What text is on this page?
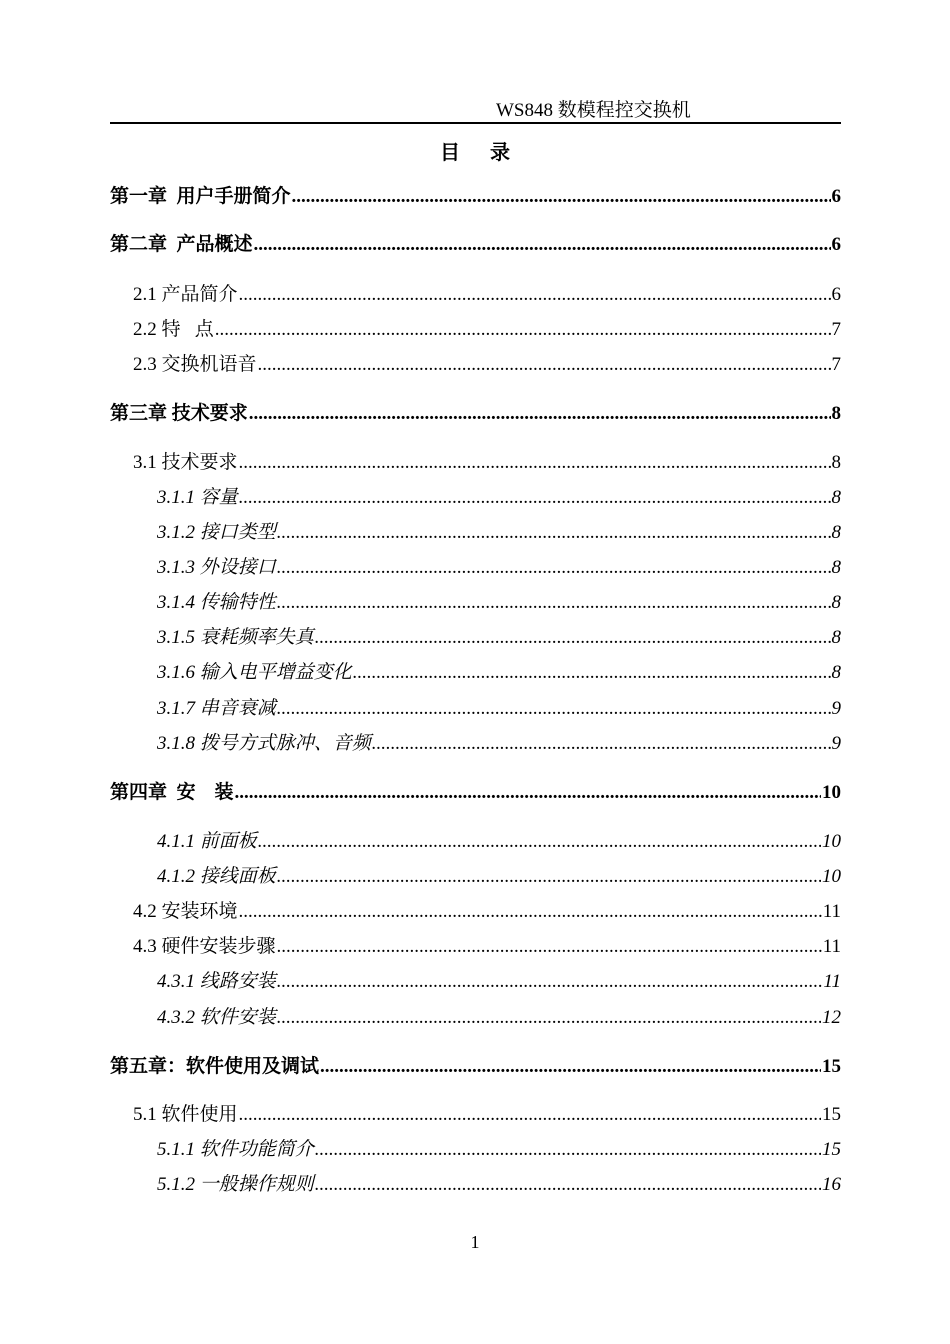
WS848 数模程控交换机
目 录
第一章  用户手册简介 .....	6
第二章  产品概述 .....	6
2.1 产品简介 .....	6
2.2 特   点 .....	7
2.3 交换机语音 .....	7
第三章 技术要求 .....	8
3.1 技术要求 .....	8
3.1.1 容量 .....	8
3.1.2 接口类型 .....	8
3.1.3 外设接口 .....	8
3.1.4 传输特性 .....	8
3.1.5 衰耗频率失真 .....	8
3.1.6 输入电平增益变化 .....	8
3.1.7 串音衰减 .....	9
3.1.8 拨号方式脉冲、音频 .....	9
第四章  安    装 .....	10
4.1.1 前面板 .....	10
4.1.2 接线面板 .....	10
4.2 安装环境 .....	11
4.3 硬件安装步骤 .....	11
4.3.1 线路安装 .....	11
4.3.2 软件安装 .....	12
第五章：软件使用及调试 .....	15
5.1 软件使用 .....	15
5.1.1 软件功能简介 .....	15
5.1.2 一般操作规则 .....	16
1
